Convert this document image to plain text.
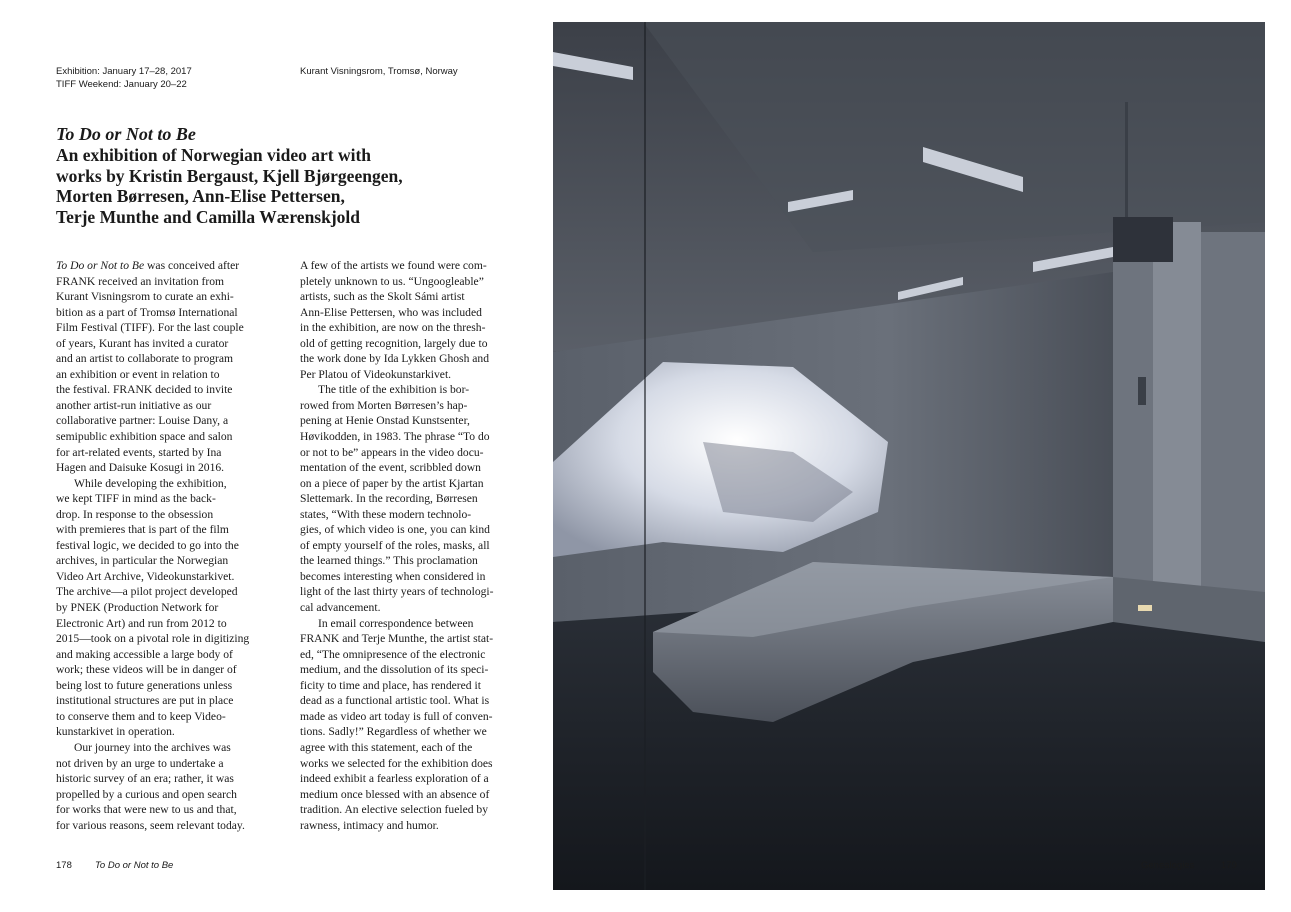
Exhibition: January 17–28, 2017
TIFF Weekend: January 20–22
Kurant Visningsrom, Tromsø, Norway
To Do or Not to Be
An exhibition of Norwegian video art with
works by Kristin Bergaust, Kjell Bjørgeengen,
Morten Børresen, Ann-Elise Pettersen,
Terje Munthe and Camilla Wærenskjold
To Do or Not to Be was conceived after
FRANK received an invitation from
Kurant Visningsrom to curate an exhi-
bition as a part of Tromsø International
Film Festival (TIFF). For the last couple
of years, Kurant has invited a curator
and an artist to collaborate to program
an exhibition or event in relation to
the festival. FRANK decided to invite
another artist-run initiative as our
collaborative partner: Louise Dany, a
semipublic exhibition space and salon
for art-related events, started by Ina
Hagen and Daisuke Kosugi in 2016.
While developing the exhibition,
we kept TIFF in mind as the back-
drop. In response to the obsession
with premieres that is part of the film
festival logic, we decided to go into the
archives, in particular the Norwegian
Video Art Archive, Videokunstarkivet.
The archive—a pilot project developed
by PNEK (Production Network for
Electronic Art) and run from 2012 to
2015—took on a pivotal role in digitizing
and making accessible a large body of
work; these videos will be in danger of
being lost to future generations unless
institutional structures are put in place
to conserve them and to keep Video-
kunstarkivet in operation.
Our journey into the archives was
not driven by an urge to undertake a
historic survey of an era; rather, it was
propelled by a curious and open search
for works that were new to us and that,
for various reasons, seem relevant today.
A few of the artists we found were com-
pletely unknown to us. “Ungoogleable”
artists, such as the Skolt Sámi artist
Ann-Elise Pettersen, who was included
in the exhibition, are now on the thresh-
old of getting recognition, largely due to
the work done by Ida Lykken Ghosh and
Per Platou of Videokunstarkivet.
The title of the exhibition is bor-
rowed from Morten Børresen’s hap-
pening at Henie Onstad Kunstsenter,
Høvikodden, in 1983. The phrase “To do
or not to be” appears in the video docu-
mentation of the event, scribbled down
on a piece of paper by the artist Kjartan
Slettemark. In the recording, Børresen
states, “With these modern technolo-
gies, of which video is one, you can kind
of empty yourself of the roles, masks, all
the learned things.” This proclamation
becomes interesting when considered in
light of the last thirty years of technologi-
cal advancement.
In email correspondence between
FRANK and Terje Munthe, the artist stat-
ed, “The omnipresence of the electronic
medium, and the dissolution of its speci-
ficity to time and place, has rendered it
dead as a functional artistic tool. What is
made as video art today is full of conven-
tions. Sadly!” Regardless of whether we
agree with this statement, each of the
works we selected for the exhibition does
indeed exhibit a fearless exploration of a
medium once blessed with an absence of
tradition. An elective selection fueled by
rawness, intimacy and humor.
178 To Do or Not to Be	Genealogies	179
